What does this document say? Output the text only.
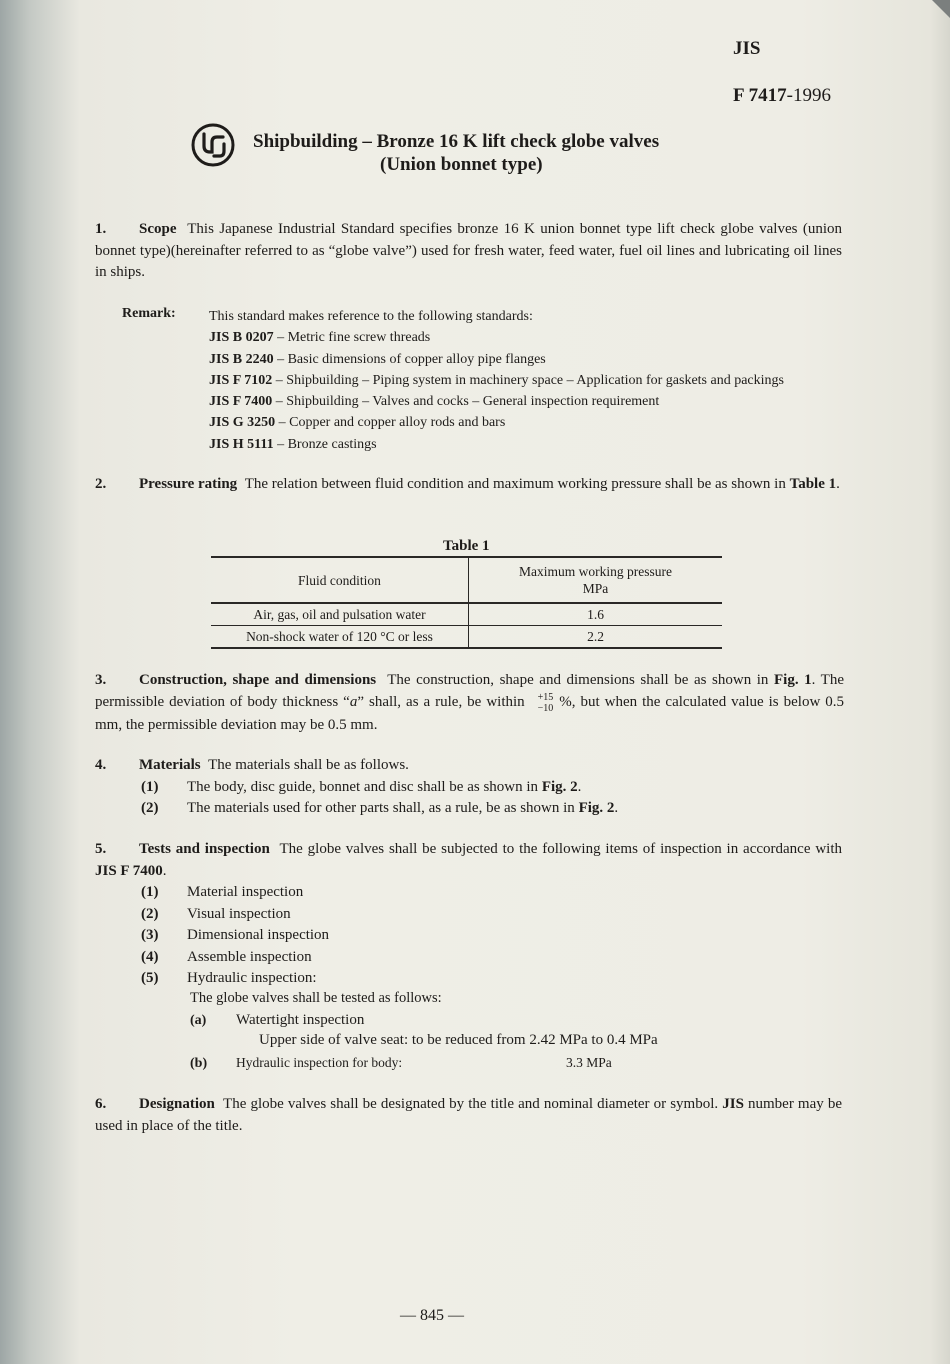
JIS
F 7417-1996
Shipbuilding – Bronze 16 K lift check globe valves
(Union bonnet type)
1. Scope This Japanese Industrial Standard specifies bronze 16 K union bonnet type lift check globe valves (union bonnet type)(hereinafter referred to as “globe valve”) used for fresh water, feed water, fuel oil lines and lubricating oil lines in ships.
Remark: This standard makes reference to the following standards:
JIS B 0207 – Metric fine screw threads
JIS B 2240 – Basic dimensions of copper alloy pipe flanges
JIS F 7102 – Shipbuilding – Piping system in machinery space – Application for gaskets and packings
JIS F 7400 – Shipbuilding – Valves and cocks – General inspection requirement
JIS G 3250 – Copper and copper alloy rods and bars
JIS H 5111 – Bronze castings
2. Pressure rating The relation between fluid condition and maximum working pressure shall be as shown in Table 1.
Table 1
Fluid condition	Maximum working pressure
MPa
Air, gas, oil and pulsation water	1.6
Non-shock water of 120 °C or less	2.2
3. Construction, shape and dimensions The construction, shape and dimensions shall be as shown in Fig. 1. The permissible deviation of body thickness “a” shall, as a rule, be within +15
−10 %, but when the calculated value is below 0.5 mm, the permissible deviation may be 0.5 mm.
4. Materials The materials shall be as follows.
(1) The body, disc guide, bonnet and disc shall be as shown in Fig. 2.
(2) The materials used for other parts shall, as a rule, be as shown in Fig. 2.
5. Tests and inspection The globe valves shall be subjected to the following items of inspection in accordance with JIS F 7400.
(1) Material inspection
(2) Visual inspection
(3) Dimensional inspection
(4) Assemble inspection
(5) Hydraulic inspection:
The globe valves shall be tested as follows:
(a) Watertight inspection
Upper side of valve seat: to be reduced from 2.42 MPa to 0.4 MPa
(b) Hydraulic inspection for body:	3.3 MPa
6. Designation The globe valves shall be designated by the title and nominal diameter or symbol. JIS number may be used in place of the title.
— 845 —
